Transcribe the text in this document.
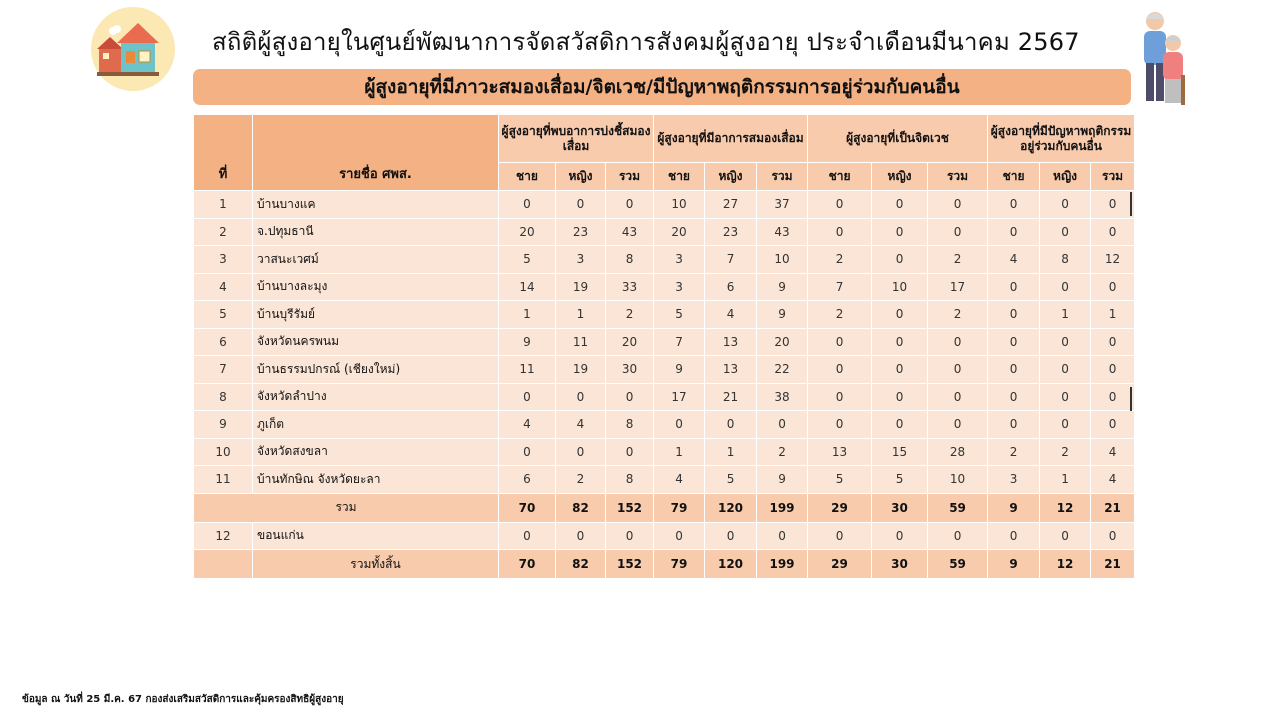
สถิติผู้สูงอายุในศูนย์พัฒนาการจัดสวัสดิการสังคมผู้สูงอายุ ประจำเดือนมีนาคม 2567
ผู้สูงอายุที่มีภาวะสมองเสื่อม/จิตเวช/มีปัญหาพฤติกรรมการอยู่ร่วมกับคนอื่น
ที่	รายชื่อ ศพส.	ผู้สูงอายุที่พบอาการบ่งชี้สมองเสื่อม			ผู้สูงอายุที่มีอาการสมองเสื่อม			ผู้สูงอายุที่เป็นจิตเวช			ผู้สูงอายุที่มีปัญหาพฤติกรรมอยู่ร่วมกับคนอื่น		
		ชาย	หญิง	รวม	ชาย	หญิง	รวม	ชาย	หญิง	รวม	ชาย	หญิง	รวม
1	บ้านบางแค	0	0	0	10	27	37	0	0	0	0	0	0
2	จ.ปทุมธานี	20	23	43	20	23	43	0	0	0	0	0	0
3	วาสนะเวศม์	5	3	8	3	7	10	2	0	2	4	8	12
4	บ้านบางละมุง	14	19	33	3	6	9	7	10	17	0	0	0
5	บ้านบุรีรัมย์	1	1	2	5	4	9	2	0	2	0	1	1
6	จังหวัดนครพนม	9	11	20	7	13	20	0	0	0	0	0	0
7	บ้านธรรมปกรณ์ (เชียงใหม่)	11	19	30	9	13	22	0	0	0	0	0	0
8	จังหวัดลำปาง	0	0	0	17	21	38	0	0	0	0	0	0
9	ภูเก็ต	4	4	8	0	0	0	0	0	0	0	0	0
10	จังหวัดสงขลา	0	0	0	1	1	2	13	15	28	2	2	4
11	บ้านทักษิณ จังหวัดยะลา	6	2	8	4	5	9	5	5	10	3	1	4
รวม		70	82	152	79	120	199	29	30	59	9	12	21
12	ขอนแก่น	0	0	0	0	0	0	0	0	0	0	0	0
	รวมทั้งสิ้น	70	82	152	79	120	199	29	30	59	9	12	21
ข้อมูล ณ วันที่ 25 มี.ค. 67 กองส่งเสริมสวัสดิการและคุ้มครองสิทธิผู้สูงอายุ
